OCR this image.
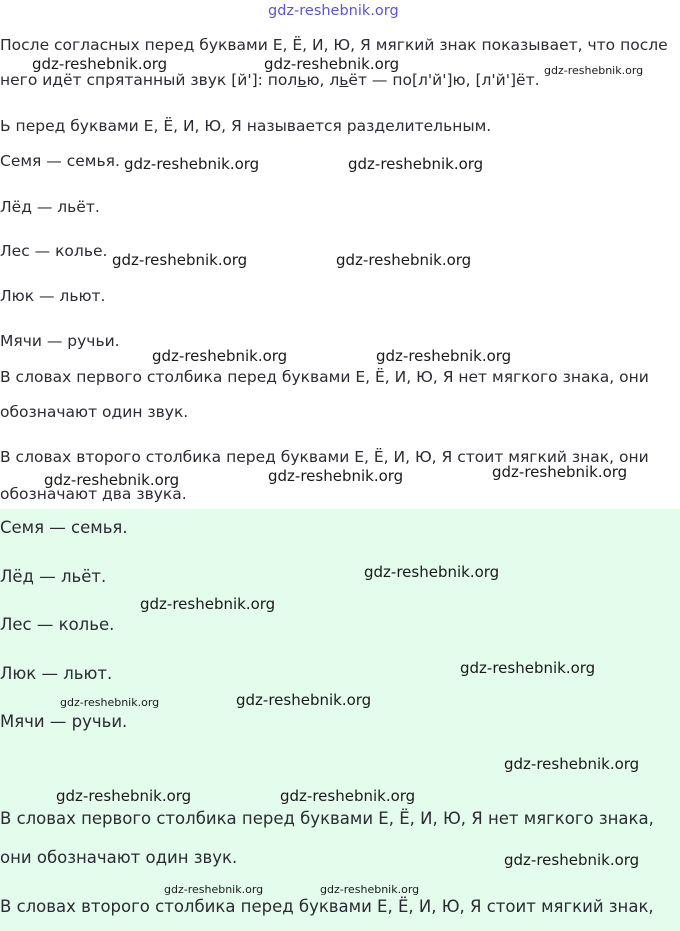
gdz-reshebnik.org

После согласных перед буквами Е, Ё, И, Ю, Я мягкий знак показывает, что после

него идёт спрятанный звук [й']: полью, льёт — по[л'й']ю, [л'й']ёт.

Ь перед буквами Е, Ё, И, Ю, Я называется разделительным.

Семя — семья.

Лёд — льёт.

Лес — колье.

Люк — льют.

Мячи — ручьи.

В словах первого столбика перед буквами Е, Ё, И, Ю, Я нет мягкого знака, они

обозначают один звук.

В словах второго столбика перед буквами Е, Ё, И, Ю, Я стоит мягкий знак, они

обозначают два звука.

Семя — семья.

Лёд — льёт.

Лес — колье.

Люк — льют.

Мячи — ручьи.

В словах первого столбика перед буквами Е, Ё, И, Ю, Я нет мягкого знака,

они обозначают один звук.

В словах второго столбика перед буквами Е, Ё, И, Ю, Я стоит мягкий знак,

gdz-reshebnik.org	gdz-reshebnik.org	gdz-reshebnik.org
gdz-reshebnik.org	gdz-reshebnik.org
gdz-reshebnik.org	gdz-reshebnik.org
gdz-reshebnik.org	gdz-reshebnik.org
gdz-reshebnik.org	gdz-reshebnik.org	gdz-reshebnik.org
gdz-reshebnik.org
gdz-reshebnik.org
gdz-reshebnik.org
gdz-reshebnik.org	gdz-reshebnik.org
gdz-reshebnik.org
gdz-reshebnik.org	gdz-reshebnik.org
gdz-reshebnik.org
gdz-reshebnik.org	gdz-reshebnik.org
